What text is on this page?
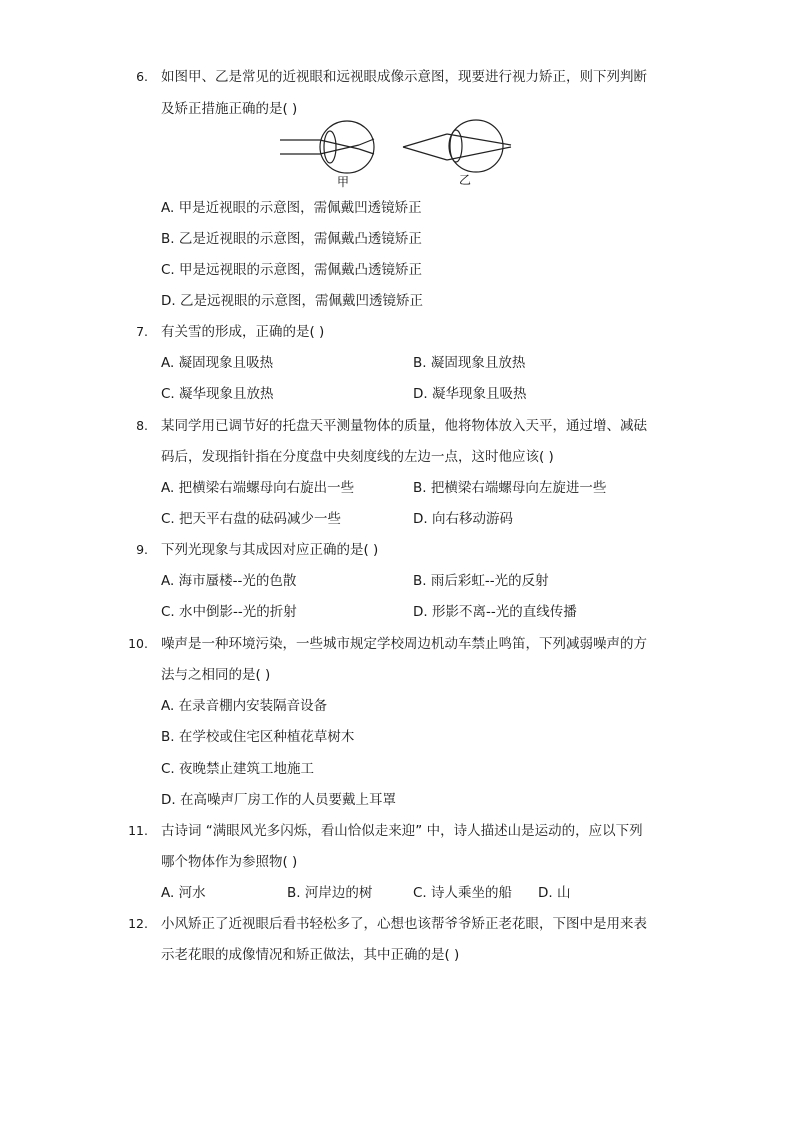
6. 如图甲、乙是常见的近视眼和远视眼成像示意图，现要进行视力矫正，则下列判断
及矫正措施正确的是( )
甲	乙
A. 甲是近视眼的示意图，需佩戴凹透镜矫正
B. 乙是近视眼的示意图，需佩戴凸透镜矫正
C. 甲是远视眼的示意图，需佩戴凸透镜矫正
D. 乙是远视眼的示意图，需佩戴凹透镜矫正
7. 有关雪的形成，正确的是( )
A. 凝固现象且吸热	B. 凝固现象且放热
C. 凝华现象且放热	D. 凝华现象且吸热
8. 某同学用已调节好的托盘天平测量物体的质量，他将物体放入天平，通过增、减砝
码后，发现指针指在分度盘中央刻度线的左边一点，这时他应该( )
A. 把横梁右端螺母向右旋出一些	B. 把横梁右端螺母向左旋进一些
C. 把天平右盘的砝码减少一些	D. 向右移动游码
9. 下列光现象与其成因对应正确的是( )
A. 海市蜃楼--光的色散	B. 雨后彩虹--光的反射
C. 水中倒影--光的折射	D. 形影不离--光的直线传播
10. 噪声是一种环境污染，一些城市规定学校周边机动车禁止鸣笛，下列减弱噪声的方
法与之相同的是( )
A. 在录音棚内安装隔音设备
B. 在学校或住宅区种植花草树木
C. 夜晚禁止建筑工地施工
D. 在高噪声厂房工作的人员要戴上耳罩
11. 古诗词 “满眼风光多闪烁，看山恰似走来迎” 中，诗人描述山是运动的，应以下列
哪个物体作为参照物( )
A. 河水	B. 河岸边的树	C. 诗人乘坐的船 D. 山
12. 小风矫正了近视眼后看书轻松多了，心想也该帮爷爷矫正老花眼，下图中是用来表
示老花眼的成像情况和矫正做法，其中正确的是( )
